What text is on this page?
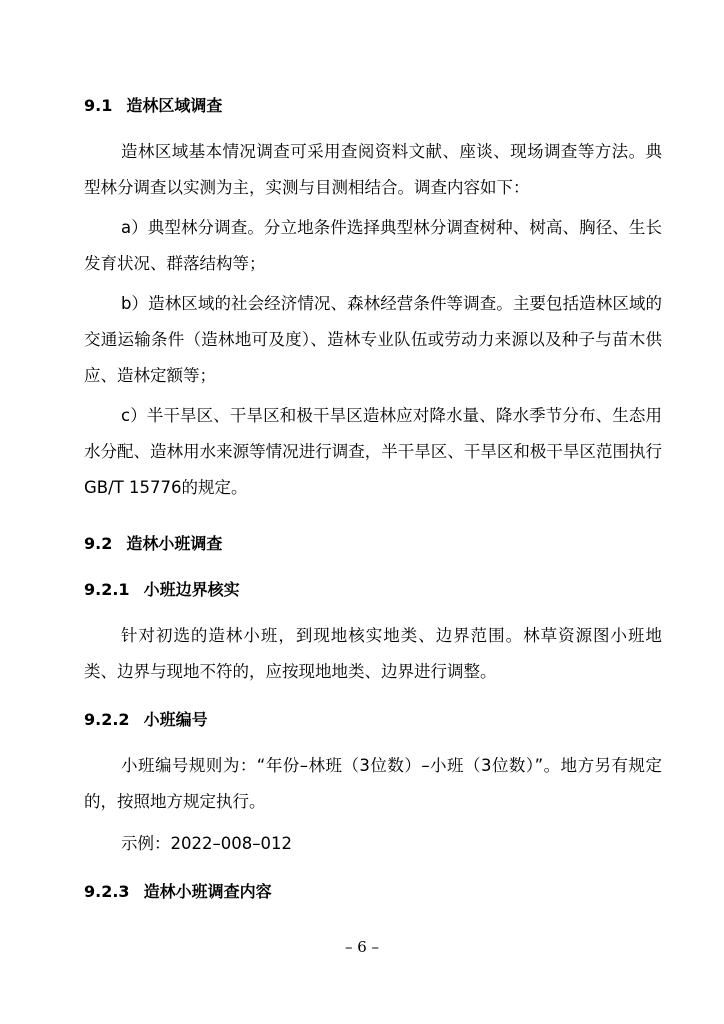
9.1 造林区域调查

造林区域基本情况调查可采用查阅资料文献、座谈、现场调查等方法。典型林分调查以实测为主，实测与目测相结合。调查内容如下：

a）典型林分调查。分立地条件选择典型林分调查树种、树高、胸径、生长发育状况、群落结构等；

b）造林区域的社会经济情况、森林经营条件等调查。主要包括造林区域的交通运输条件（造林地可及度）、造林专业队伍或劳动力来源以及种子与苗木供应、造林定额等；

c）半干旱区、干旱区和极干旱区造林应对降水量、降水季节分布、生态用水分配、造林用水来源等情况进行调查，半干旱区、干旱区和极干旱区范围执行GB/T 15776的规定。

9.2 造林小班调查
9.2.1 小班边界核实

针对初选的造林小班，到现地核实地类、边界范围。林草资源图小班地类、边界与现地不符的，应按现地地类、边界进行调整。

9.2.2 小班编号

小班编号规则为：“年份–林班（3位数）–小班（3位数）”。地方另有规定的，按照地方规定执行。

示例：2022–008–012

9.2.3 造林小班调查内容
– 6 –
